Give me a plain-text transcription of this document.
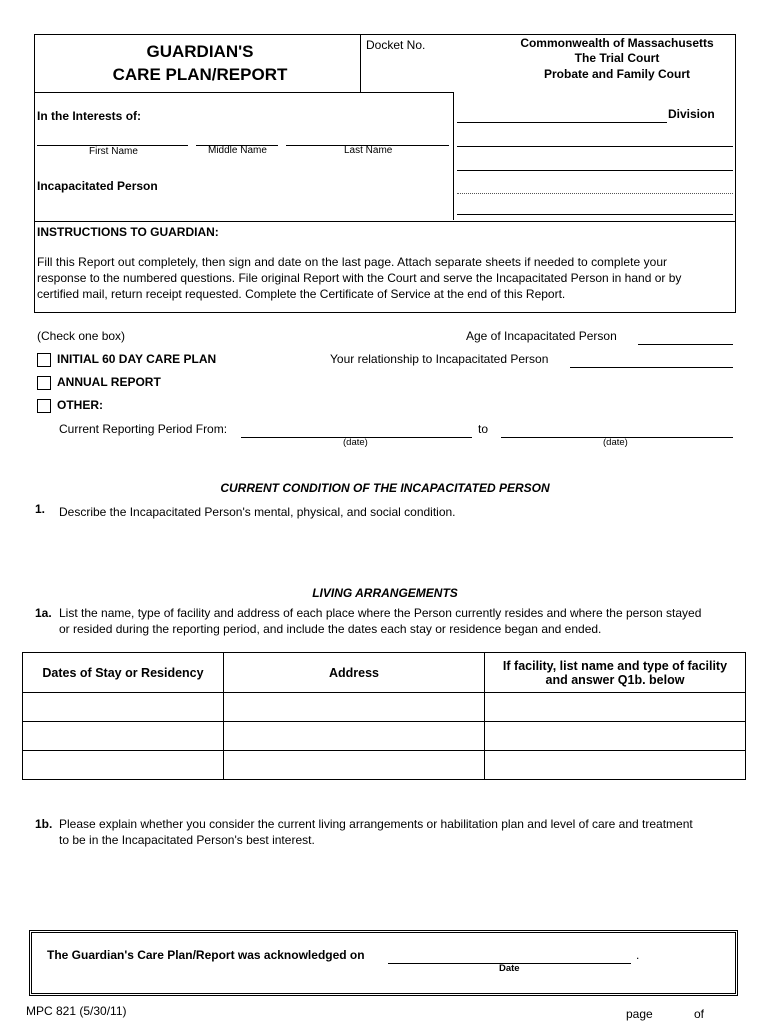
GUARDIAN'S
CARE PLAN/REPORT
Docket No.	Commonwealth of Massachusetts
The Trial Court
Probate and Family Court
In the Interests of:
First Name	Middle Name	Last Name
Incapacitated Person
Division
INSTRUCTIONS TO GUARDIAN:
Fill this Report out completely, then sign and date on the last page. Attach separate sheets if needed to complete your
response to the numbered questions. File original Report with the Court and serve the Incapacitated Person in hand or by
certified mail, return receipt requested. Complete the Certificate of Service at the end of this Report.
(Check one box)	Age of Incapacitated Person
INITIAL 60 DAY CARE PLAN	Your relationship to Incapacitated Person
ANNUAL REPORT
OTHER:
Current Reporting Period From:	to
(date)	(date)
CURRENT CONDITION OF THE INCAPACITATED PERSON
1. Describe the Incapacitated Person's mental, physical, and social condition.
LIVING ARRANGEMENTS
1a. List the name, type of facility and address of each place where the Person currently resides and where the person stayed
or resided during the reporting period, and include the dates each stay or residence began and ended.
Dates of Stay or Residency	Address	If facility, list name and type of facility and answer Q1b. below

1b. Please explain whether you consider the current living arrangements or habilitation plan and level of care and treatment
to be in the Incapacitated Person's best interest.
The Guardian's Care Plan/Report was acknowledged on	.
Date
MPC 821 (5/30/11)	page	of
